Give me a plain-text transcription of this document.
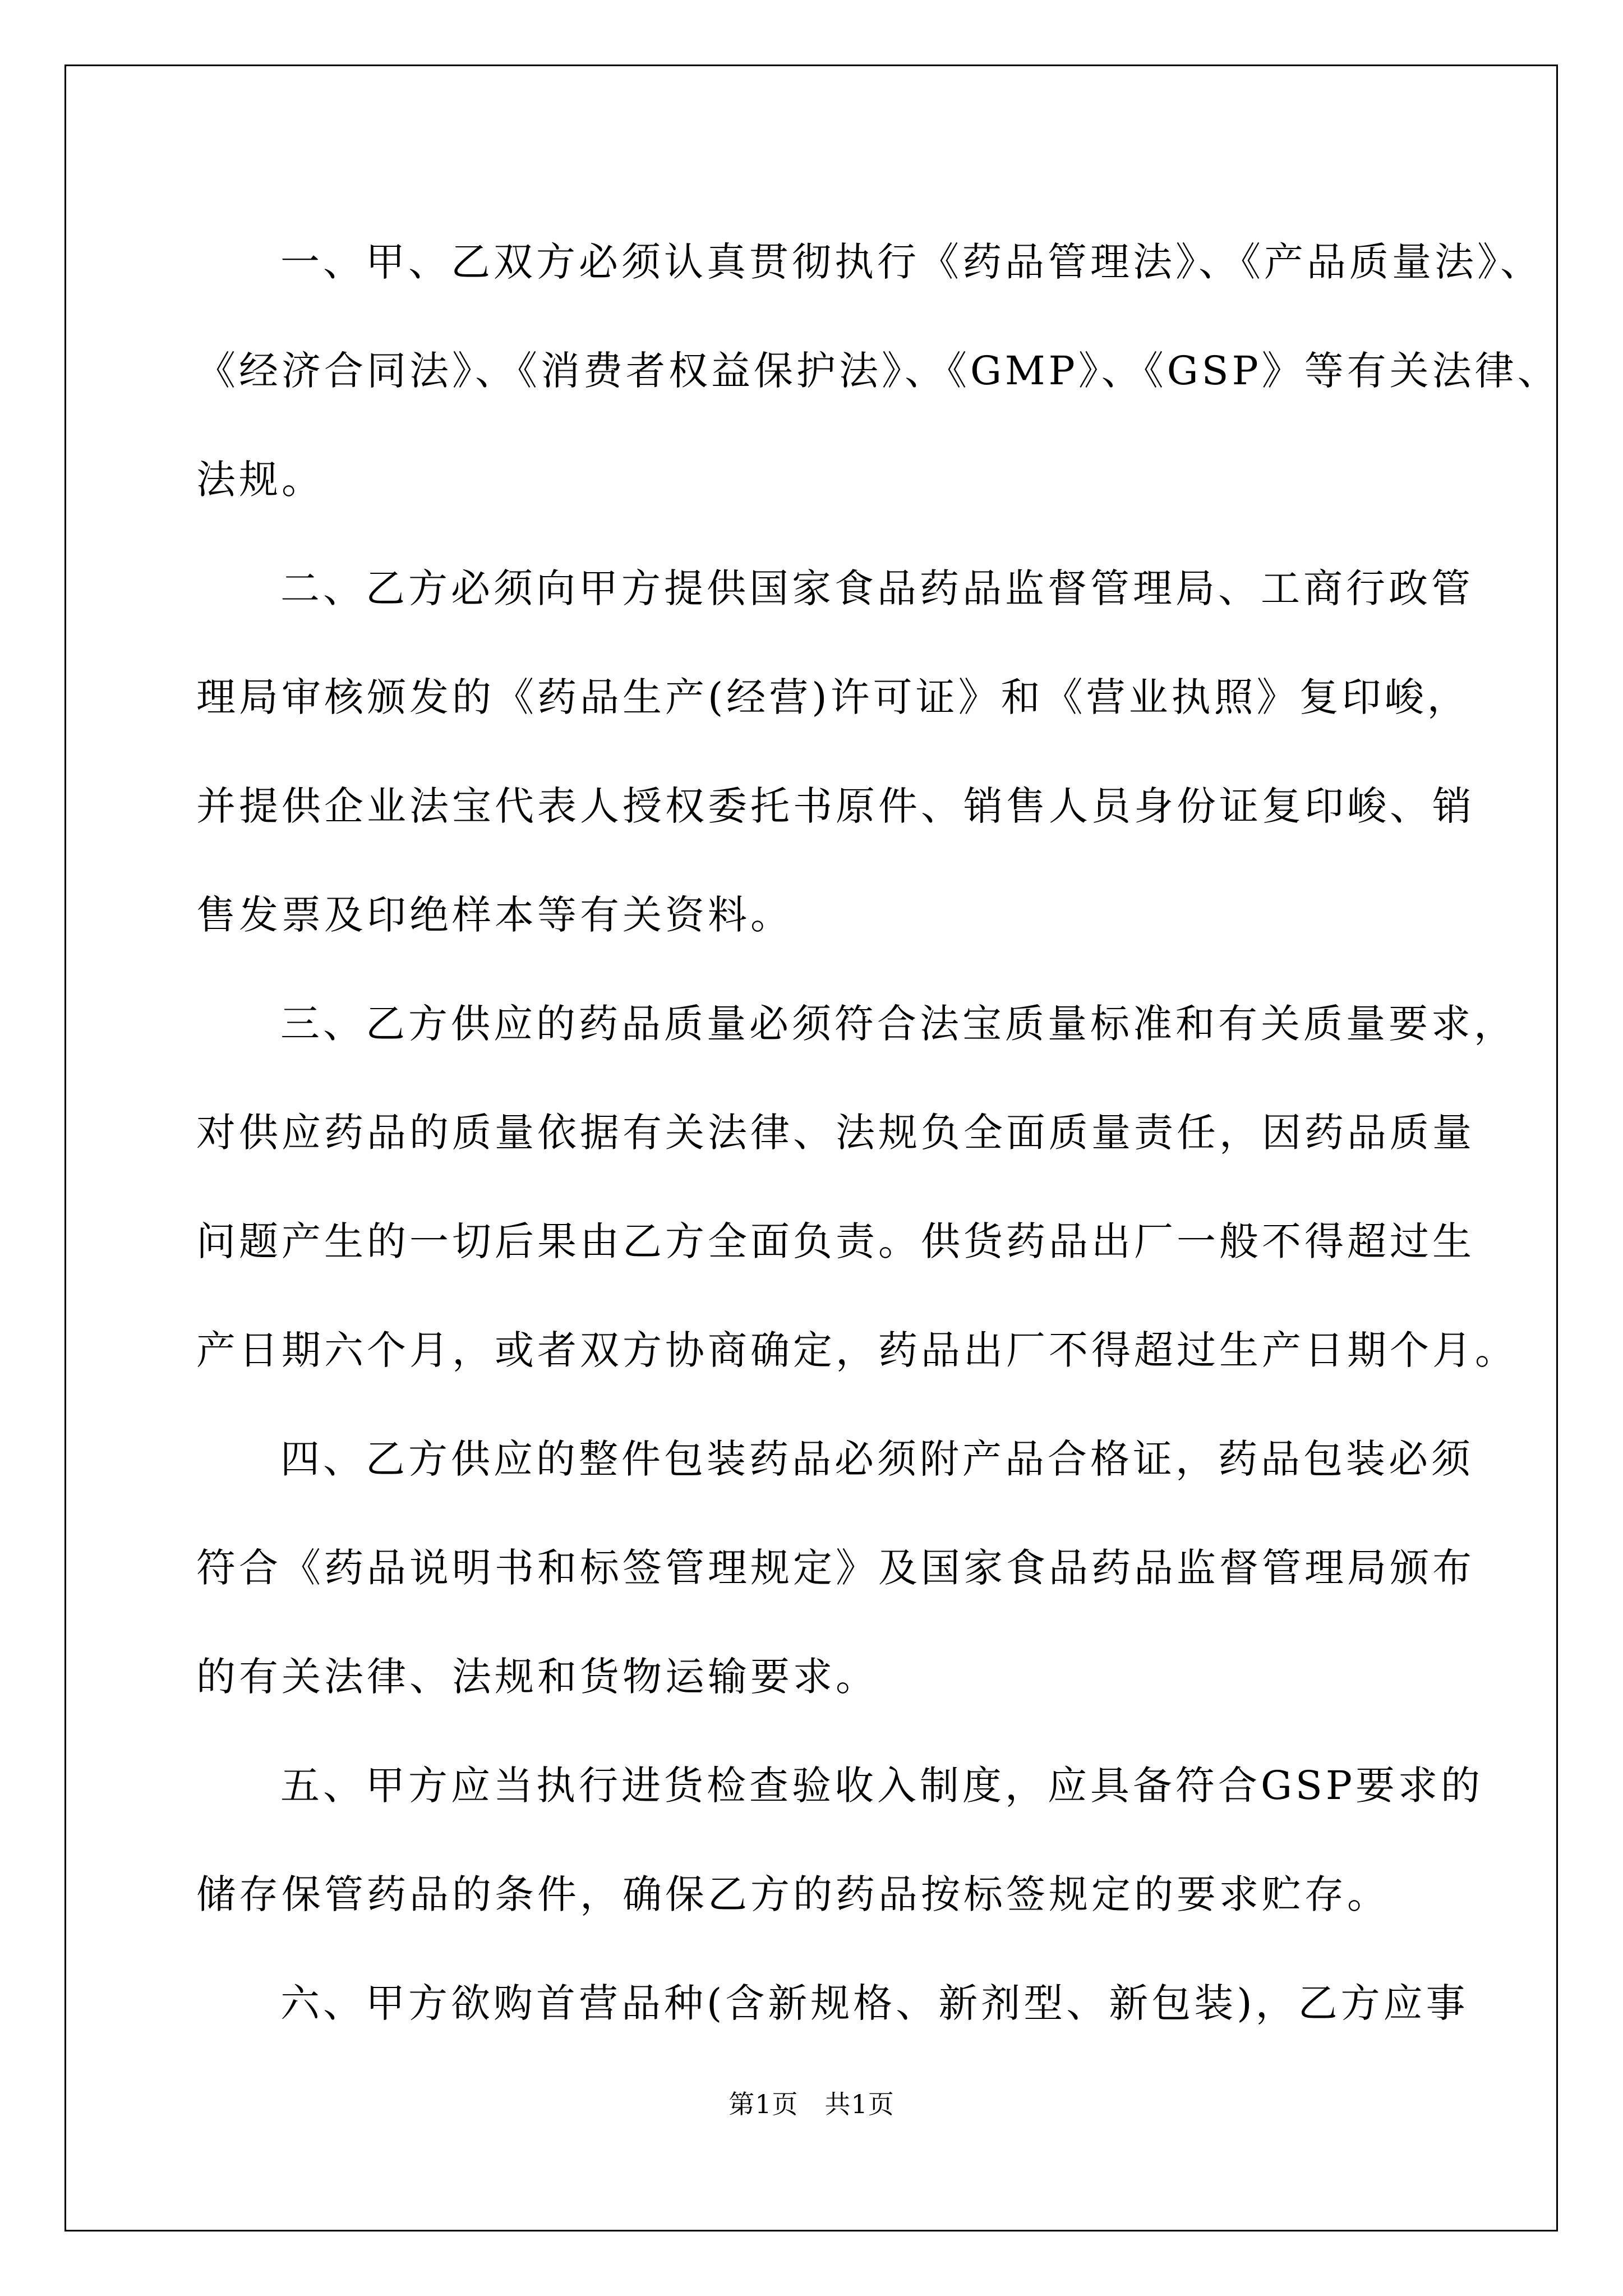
一、甲、乙双方必须认真贯彻执行《药品管理法》、《产品质量法》、
《经济合同法》、《消费者权益保护法》、《GMP》、《GSP》等有关法律、
法规。

二、乙方必须向甲方提供国家食品药品监督管理局、工商行政管
理局审核颁发的《药品生产(经营)许可证》和《营业执照》复印峻，
并提供企业法宝代表人授权委托书原件、销售人员身份证复印峻、销
售发票及印绝样本等有关资料。

三、乙方供应的药品质量必须符合法宝质量标准和有关质量要求，
对供应药品的质量依据有关法律、法规负全面质量责任，因药品质量
问题产生的一切后果由乙方全面负责。供货药品出厂一般不得超过生
产日期六个月，或者双方协商确定，药品出厂不得超过生产日期个月。

四、乙方供应的整件包装药品必须附产品合格证，药品包装必须
符合《药品说明书和标签管理规定》及国家食品药品监督管理局颁布
的有关法律、法规和货物运输要求。

五、甲方应当执行进货检查验收入制度，应具备符合GSP要求的
储存保管药品的条件，确保乙方的药品按标签规定的要求贮存。

六、甲方欲购首营品种(含新规格、新剂型、新包装)，乙方应事

第1页 共1页
